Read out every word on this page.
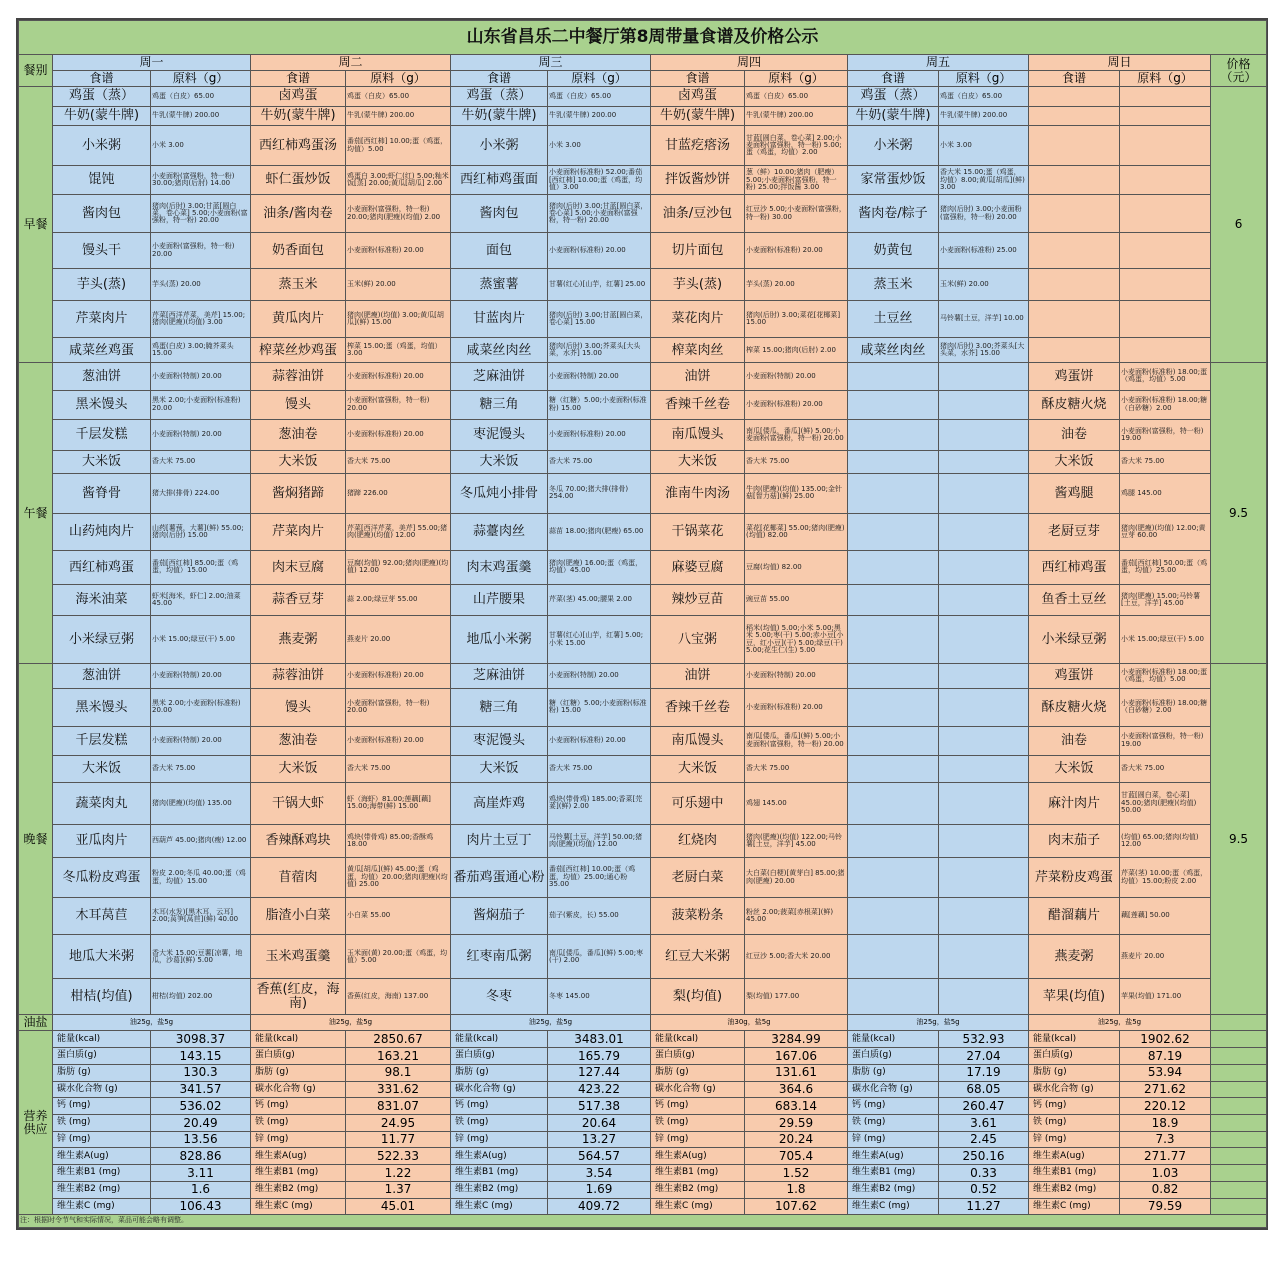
山东省昌乐二中餐厅第8周带量食谱及价格公示													
餐别	周一		周二		周三		周四		周五		周日		价格（元）
	食谱	原料（g）	食谱	原料（g）	食谱	原料（g）	食谱	原料（g）	食谱	原料（g）	食谱	原料（g）	
早餐	鸡蛋（蒸）	鸡蛋（白皮）65.00	卤鸡蛋	鸡蛋（白皮）65.00	鸡蛋（蒸）	鸡蛋（白皮）65.00	卤鸡蛋	鸡蛋（白皮）65.00	鸡蛋（蒸）	鸡蛋（白皮）65.00			6
	牛奶(蒙牛牌)	牛乳(蒙牛牌) 200.00	牛奶(蒙牛牌)	牛乳(蒙牛牌) 200.00	牛奶(蒙牛牌)	牛乳(蒙牛牌) 200.00	牛奶(蒙牛牌)	牛乳(蒙牛牌) 200.00	牛奶(蒙牛牌)	牛乳(蒙牛牌) 200.00			
	小米粥	小米 3.00	西红柿鸡蛋汤	番茄[西红柿] 10.00;蛋（鸡蛋，均值）5.00	小米粥	小米 3.00	甘蓝疙瘩汤	甘蓝[圆白菜，卷心菜] 2.00;小麦面粉(富强粉，特一粉) 5.00;蛋（鸡蛋，均值）2.00	小米粥	小米 3.00			
	馄饨	小麦面粉(富强粉，特一粉) 30.00;猪肉(后肘) 14.00	虾仁蛋炒饭	鸡蛋白 3.00;虾仁(红) 5.00;籼米饭[蒸] 20.00;黄瓜[胡瓜] 2.00	西红柿鸡蛋面	小麦面粉(标准粉) 52.00;番茄[西红柿] 10.00;蛋（鸡蛋，均值）3.00	拌饭酱炒饼	葱（鲜）10.00;猪肉（肥瘦）5.00;小麦面粉(富强粉，特一粉) 25.00;拌饭酱 3.00	家常蛋炒饭	香大米 15.00;蛋（鸡蛋，均值）8.00;黄瓜[胡瓜](鲜) 3.00			
	酱肉包	猪肉(后肘) 3.00;甘蓝[圆白菜，卷心菜] 5.00;小麦面粉(富强粉，特一粉) 20.00	油条/酱肉卷	小麦面粉(富强粉，特一粉) 20.00;猪肉(肥瘦)(均值) 2.00	酱肉包	猪肉(后肘) 3.00;甘蓝[圆白菜，卷心菜] 5.00;小麦面粉(富强粉，特一粉) 20.00	油条/豆沙包	红豆沙 5.00;小麦面粉(富强粉，特一粉) 30.00	酱肉卷/粽子	猪肉(后肘) 3.00;小麦面粉(富强粉，特一粉) 20.00			
	馒头干	小麦面粉(富强粉，特一粉) 20.00	奶香面包	小麦面粉(标准粉) 20.00	面包	小麦面粉(标准粉) 20.00	切片面包	小麦面粉(标准粉) 20.00	奶黄包	小麦面粉(标准粉) 25.00			
	芋头(蒸)	芋头(蒸) 20.00	蒸玉米	玉米(鲜) 20.00	蒸蜜薯	甘薯(红心)[山芋，红薯] 25.00	芋头(蒸)	芋头(蒸) 20.00	蒸玉米	玉米(鲜) 20.00			
	芹菜肉片	芹菜[西洋芹菜，美芹] 15.00;猪肉(肥瘦)(均值) 3.00	黄瓜肉片	猪肉(肥瘦)(均值) 3.00;黄瓜[胡瓜](鲜) 15.00	甘蓝肉片	猪肉(后肘) 3.00;甘蓝[圆白菜，卷心菜] 15.00	菜花肉片	猪肉(后肘) 3.00;菜花[花椰菜] 15.00	土豆丝	马铃薯[土豆，洋芋] 10.00			
	咸菜丝鸡蛋	鸡蛋(白皮) 3.00;腌芥菜头 15.00	榨菜丝炒鸡蛋	榨菜 15.00;蛋（鸡蛋，均值）3.00	咸菜丝肉丝	猪肉(后肘) 3.00;芥菜头[大头菜，水芥] 15.00	榨菜肉丝	榨菜 15.00;猪肉(后肘) 2.00	咸菜丝肉丝	猪肉(后肘) 3.00;芥菜头[大头菜，水芥] 15.00			
午餐	葱油饼	小麦面粉(特制) 20.00	蒜蓉油饼	小麦面粉(标准粉) 20.00	芝麻油饼	小麦面粉(特制) 20.00	油饼	小麦面粉(特制) 20.00			鸡蛋饼	小麦面粉(标准粉) 18.00;蛋（鸡蛋，均值）5.00	9.5
	黑米馒头	黑米 2.00;小麦面粉(标准粉) 20.00	馒头	小麦面粉(富强粉，特一粉) 20.00	糖三角	糖（红糖）5.00;小麦面粉(标准粉) 15.00	香辣千丝卷	小麦面粉(标准粉) 20.00			酥皮糖火烧	小麦面粉(标准粉) 18.00;糖（白砂糖）2.00	
	千层发糕	小麦面粉(特制) 20.00	葱油卷	小麦面粉(标准粉) 20.00	枣泥馒头	小麦面粉(标准粉) 20.00	南瓜馒头	南瓜[倭瓜，番瓜](鲜) 5.00;小麦面粉(富强粉，特一粉) 20.00			油卷	小麦面粉(富强粉，特一粉) 19.00	
	大米饭	香大米 75.00	大米饭	香大米 75.00	大米饭	香大米 75.00	大米饭	香大米 75.00			大米饭	香大米 75.00	
	酱脊骨	猪大排(排骨) 224.00	酱焖猪蹄	猪蹄 226.00	冬瓜炖小排骨	冬瓜 70.00;猪大排(排骨) 254.00	淮南牛肉汤	牛肉(肥瘦)(均值) 135.00;金针菇[智力菇](鲜) 25.00			酱鸡腿	鸡腿 145.00	
	山药炖肉片	山药[薯蓣，大薯](鲜) 55.00;猪肉(后肘) 15.00	芹菜肉片	芹菜[西洋芹菜，美芹] 55.00;猪肉(肥瘦)(均值) 12.00	蒜薹肉丝	蒜苗 18.00;猪肉(肥瘦) 65.00	干锅菜花	菜花[花椰菜] 55.00;猪肉(肥瘦)(均值) 82.00			老厨豆芽	猪肉(肥瘦)(均值) 12.00;黄豆芽 60.00	
	西红柿鸡蛋	番茄[西红柿] 85.00;蛋（鸡蛋，均值）15.00	肉末豆腐	豆腐(均值) 92.00;猪肉(肥瘦)(均值) 12.00	肉末鸡蛋羹	猪肉(肥瘦) 16.00;蛋（鸡蛋，均值）45.00	麻婆豆腐	豆腐(均值) 82.00			西红柿鸡蛋	番茄[西红柿] 50.00;蛋（鸡蛋，均值）25.00	
	海米油菜	虾米[海米，虾仁] 2.00;油菜 45.00	蒜香豆芽	蒜 2.00;绿豆芽 55.00	山芹腰果	芹菜(茎) 45.00;腰果 2.00	辣炒豆苗	豌豆苗 55.00			鱼香土豆丝	猪肉(肥瘦) 15.00;马铃薯[土豆，洋芋] 45.00	
	小米绿豆粥	小米 15.00;绿豆(干) 5.00	燕麦粥	燕麦片 20.00	地瓜小米粥	甘薯(红心)[山芋，红薯] 5.00;小米 15.00	八宝粥	稻米(均值) 5.00;小米 5.00;黑米 5.00;枣(干) 5.00;赤小豆[小豆，红小豆](干) 5.00;绿豆(干) 5.00;花生仁(生) 5.00			小米绿豆粥	小米 15.00;绿豆(干) 5.00	
晚餐	葱油饼	小麦面粉(特制) 20.00	蒜蓉油饼	小麦面粉(标准粉) 20.00	芝麻油饼	小麦面粉(特制) 20.00	油饼	小麦面粉(特制) 20.00			鸡蛋饼	小麦面粉(标准粉) 18.00;蛋（鸡蛋，均值）5.00	9.5
	黑米馒头	黑米 2.00;小麦面粉(标准粉) 20.00	馒头	小麦面粉(富强粉，特一粉) 20.00	糖三角	糖（红糖）5.00;小麦面粉(标准粉) 15.00	香辣千丝卷	小麦面粉(标准粉) 20.00			酥皮糖火烧	小麦面粉(标准粉) 18.00;糖（白砂糖）2.00	
	千层发糕	小麦面粉(特制) 20.00	葱油卷	小麦面粉(标准粉) 20.00	枣泥馒头	小麦面粉(标准粉) 20.00	南瓜馒头	南瓜[倭瓜，番瓜](鲜) 5.00;小麦面粉(富强粉，特一粉) 20.00			油卷	小麦面粉(富强粉，特一粉) 19.00	
	大米饭	香大米 75.00	大米饭	香大米 75.00	大米饭	香大米 75.00	大米饭	香大米 75.00			大米饭	香大米 75.00	
	蔬菜肉丸	猪肉(肥瘦)(均值) 135.00	干锅大虾	虾（海虾）81.00;莲藕[藕] 15.00;海带(鲜) 15.00	高崖炸鸡	鸡块(带骨鸡) 185.00;香菜[芫荽](鲜) 2.00	可乐翅中	鸡翅 145.00			麻汁肉片	甘蓝[圆白菜，卷心菜] 45.00;猪肉(肥瘦)(均值) 50.00	
	亚瓜肉片	西葫芦 45.00;猪肉(瘦) 12.00	香辣酥鸡块	鸡块(带骨鸡) 85.00;香酥鸡 18.00	肉片土豆丁	马铃薯[土豆，洋芋] 50.00;猪肉(肥瘦)(均值) 12.00	红烧肉	猪肉(肥瘦)(均值) 122.00;马铃薯[土豆，洋芋] 45.00			肉末茄子	(均值) 65.00;猪肉(均值) 12.00	
	冬瓜粉皮鸡蛋	粉皮 2.00;冬瓜 40.00;蛋（鸡蛋，均值）15.00	苜蓿肉	黄瓜[胡瓜](鲜) 45.00;蛋（鸡蛋，均值）20.00;猪肉(肥瘦)(均值) 25.00	番茄鸡蛋通心粉	番茄[西红柿] 10.00;蛋（鸡蛋，均值）25.00;通心粉 35.00	老厨白菜	大白菜(白梗)[黄芽白] 85.00;猪肉(肥瘦) 20.00			芹菜粉皮鸡蛋	芹菜(茎) 10.00;蛋（鸡蛋，均值）15.00;粉皮 2.00	
	木耳莴苣	木耳(水发)[黑木耳，云耳] 2.00;莴笋[莴苣](鲜) 40.00	脂渣小白菜	小白菜 55.00	酱焖茄子	茄子(紫皮，长) 55.00	菠菜粉条	粉丝 2.00;菠菜[赤根菜](鲜) 45.00			醋溜藕片	藕[莲藕] 50.00	
	地瓜大米粥	香大米 15.00;豆薯[凉薯，地瓜，沙葛](鲜) 5.00	玉米鸡蛋羹	玉米面(黄) 20.00;蛋（鸡蛋，均值）5.00	红枣南瓜粥	南瓜[倭瓜，番瓜](鲜) 5.00;枣(干) 2.00	红豆大米粥	红豆沙 5.00;香大米 20.00			燕麦粥	燕麦片 20.00	
	柑桔(均值)	柑桔(均值) 202.00	香蕉(红皮，海南)	香蕉(红皮，海南) 137.00	冬枣	冬枣 145.00	梨(均值)	梨(均值) 177.00			苹果(均值)	苹果(均值) 171.00	
油盐	油25g，盐5g		油25g，盐5g		油25g，盐5g		油30g，盐5g		油25g，盐5g		油25g，盐5g		
营养供应	能量(kcal)	3098.37	能量(kcal)	2850.67	能量(kcal)	3483.01	能量(kcal)	3284.99	能量(kcal)	532.93	能量(kcal)	1902.62	
	蛋白质(g)	143.15	蛋白质(g)	163.21	蛋白质(g)	165.79	蛋白质(g)	167.06	蛋白质(g)	27.04	蛋白质(g)	87.19	
	脂肪 (g)	130.3	脂肪 (g)	98.1	脂肪 (g)	127.44	脂肪 (g)	131.61	脂肪 (g)	17.19	脂肪 (g)	53.94	
	碳水化合物 (g)	341.57	碳水化合物 (g)	331.62	碳水化合物 (g)	423.22	碳水化合物 (g)	364.6	碳水化合物 (g)	68.05	碳水化合物 (g)	271.62	
	钙 (mg)	536.02	钙 (mg)	831.07	钙 (mg)	517.38	钙 (mg)	683.14	钙 (mg)	260.47	钙 (mg)	220.12	
	铁 (mg)	20.49	铁 (mg)	24.95	铁 (mg)	20.64	铁 (mg)	29.59	铁 (mg)	3.61	铁 (mg)	18.9	
	锌 (mg)	13.56	锌 (mg)	11.77	锌 (mg)	13.27	锌 (mg)	20.24	锌 (mg)	2.45	锌 (mg)	7.3	
	维生素A(ug)	828.86	维生素A(ug)	522.33	维生素A(ug)	564.57	维生素A(ug)	705.4	维生素A(ug)	250.16	维生素A(ug)	271.77	
	维生素B1 (mg)	3.11	维生素B1 (mg)	1.22	维生素B1 (mg)	3.54	维生素B1 (mg)	1.52	维生素B1 (mg)	0.33	维生素B1 (mg)	1.03	
	维生素B2 (mg)	1.6	维生素B2 (mg)	1.37	维生素B2 (mg)	1.69	维生素B2 (mg)	1.8	维生素B2 (mg)	0.52	维生素B2 (mg)	0.82	
	维生素C (mg)	106.43	维生素C (mg)	45.01	维生素C (mg)	409.72	维生素C (mg)	107.62	维生素C (mg)	11.27	维生素C (mg)	79.59	
注：根据时令节气和实际情况，菜品可能会略有调整。													
